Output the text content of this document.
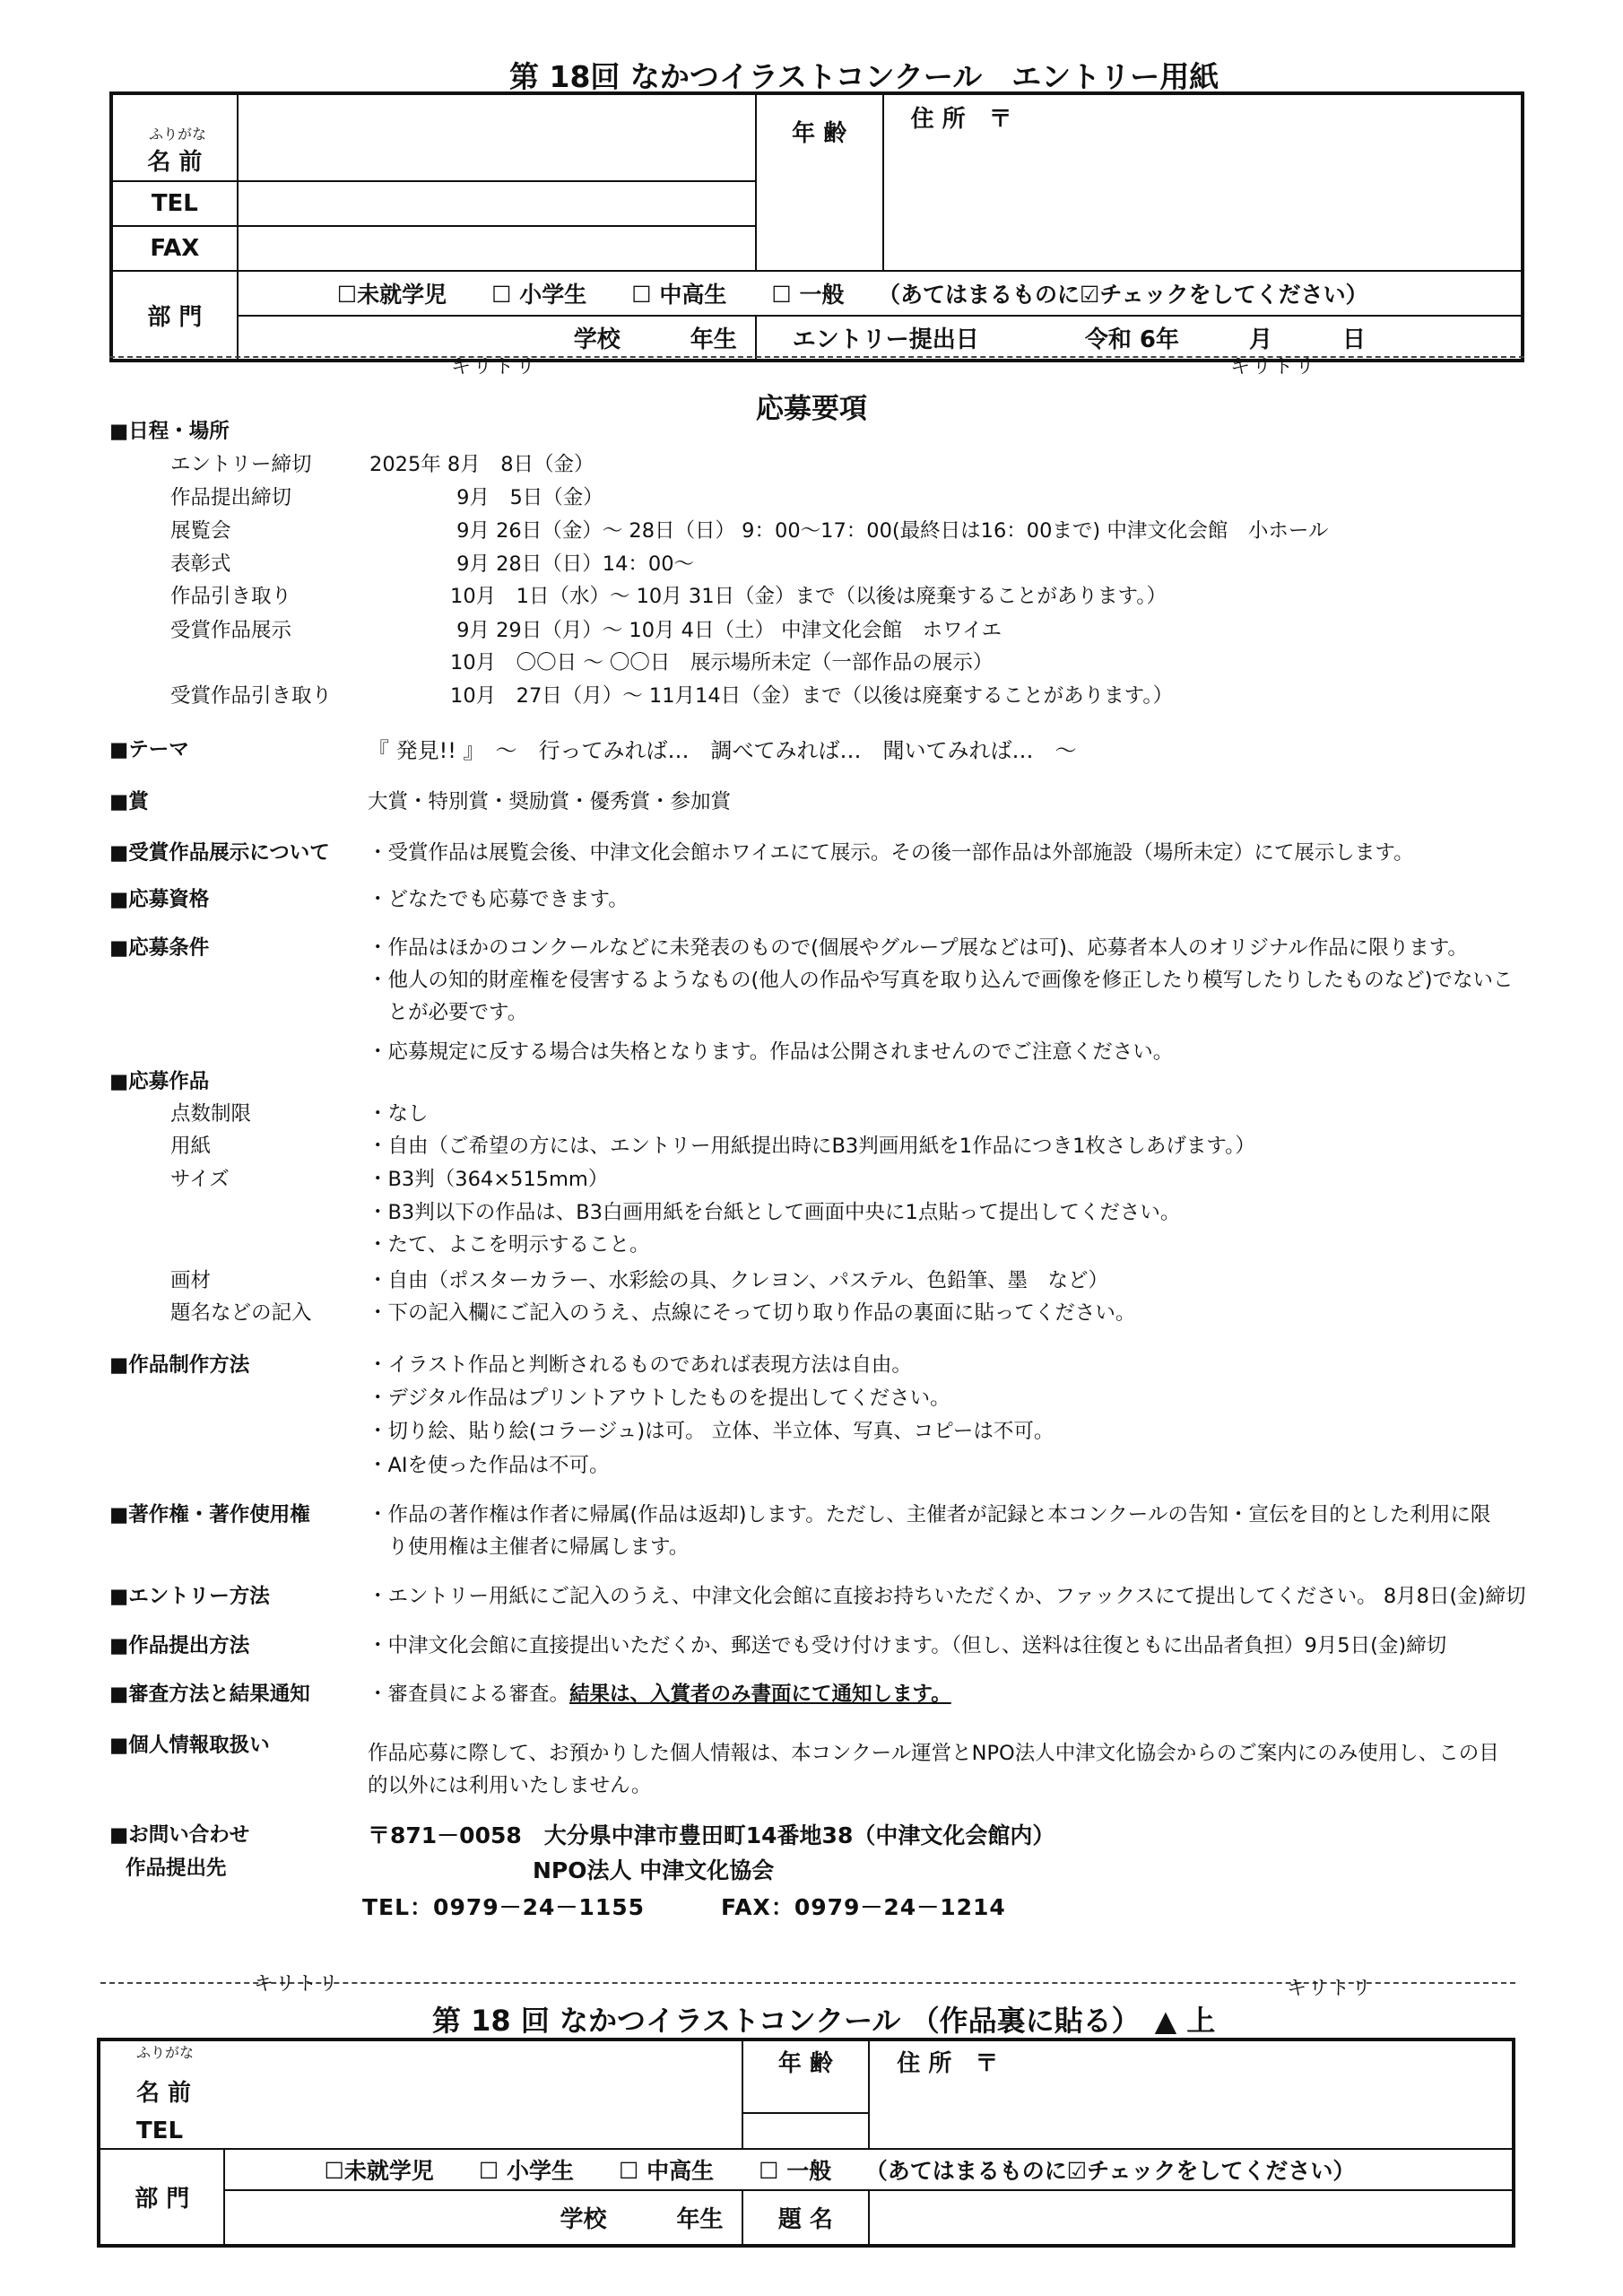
第 18回 なかつイラストコンクール　エントリー用紙
ふりがな
名 前		年 齢	住 所　〒
TEL			
FAX			
部 門	☐未就学児　　☐ 小学生　　☐ 中高生　　☐ 一般　　（あてはまるものに☑チェックをしてください）		
	学校　　　年生	エントリー提出日 令和 6年　　　月　　　日	
キリトリ	キリトリ
応募要項
■日程・場所
エントリー締切	2025年 8月　8日（金）
作品提出締切	　　　　 9月　5日（金）
展覧会	　　　　 9月 26日（金）～ 28日（日） 9：00～17：00(最終日は16：00まで) 中津文化会館　小ホール
表彰式	　　　　 9月 28日（日）14：00～
作品引き取り	　　　　10月　1日（水）～ 10月 31日（金）まで（以後は廃棄することがあります。）
受賞作品展示	　　　　 9月 29日（月）～ 10月 4日（土） 中津文化会館　ホワイエ
　　　　10月　〇〇日 ～ 〇〇日　展示場所未定（一部作品の展示）
受賞作品引き取り 　　　　10月　27日（月）～ 11月14日（金）まで（以後は廃棄することがあります。）
■テーマ	『 発見!! 』　～　行ってみれば…　調べてみれば…　聞いてみれば…　～
■賞	大賞・特別賞・奨励賞・優秀賞・参加賞
■受賞作品展示について ・受賞作品は展覧会後、中津文化会館ホワイエにて展示。その後一部作品は外部施設（場所未定）にて展示します。
■応募資格	・どなたでも応募できます。
■応募条件	・作品はほかのコンクールなどに未発表のもので(個展やグループ展などは可)、応募者本人のオリジナル作品に限ります。
・他人の知的財産権を侵害するようなもの(他人の作品や写真を取り込んで画像を修正したり模写したりしたものなど)でないこ
　とが必要です。
・応募規定に反する場合は失格となります。作品は公開されませんのでご注意ください。
■応募作品
点数制限	・なし
用紙	・自由（ご希望の方には、エントリー用紙提出時にB3判画用紙を1作品につき1枚さしあげます。）
サイズ	・B3判（364×515mm）
・B3判以下の作品は、B3白画用紙を台紙として画面中央に1点貼って提出してください。
・たて、よこを明示すること。
画材	・自由（ポスターカラー、水彩絵の具、クレヨン、パステル、色鉛筆、墨　など）
題名などの記入	・下の記入欄にご記入のうえ、点線にそって切り取り作品の裏面に貼ってください。
■作品制作方法	・イラスト作品と判断されるものであれば表現方法は自由。
・デジタル作品はプリントアウトしたものを提出してください。
・切り絵、貼り絵(コラージュ)は可。 立体、半立体、写真、コピーは不可。
・AIを使った作品は不可。
■著作権・著作使用権	・作品の著作権は作者に帰属(作品は返却)します。ただし、主催者が記録と本コンクールの告知・宣伝を目的とした利用に限
　り使用権は主催者に帰属します。
■エントリー方法	・エントリー用紙にご記入のうえ、中津文化会館に直接お持ちいただくか、ファックスにて提出してください。 8月8日(金)締切
■作品提出方法	・中津文化会館に直接提出いただくか、郵送でも受け付けます。（但し、送料は往復ともに出品者負担）9月5日(金)締切
■審査方法と結果通知	・審査員による審査。結果は、入賞者のみ書面にて通知します。
■個人情報取扱い	作品応募に際して、お預かりした個人情報は、本コンクール運営とNPO法人中津文化協会からのご案内にのみ使用し、この目
的以外には利用いたしません。
■お問い合わせ
作品提出先
〒871－0058　大分県中津市豊田町14番地38（中津文化会館内）
NPO法人 中津文化協会
TEL：0979－24－1155	FAX：0979－24－1214
キリトリ	キリトリ
第 18 回 なかつイラストコンクール （作品裏に貼る）　▲ 上
ふりがな
名 前		年 齢	住 所　〒
TEL			
部 門	☐未就学児　　☐ 小学生　　☐ 中高生　　☐ 一般　　（あてはまるものに☑チェックをしてください）		
	学校　　　年生	題 名	
